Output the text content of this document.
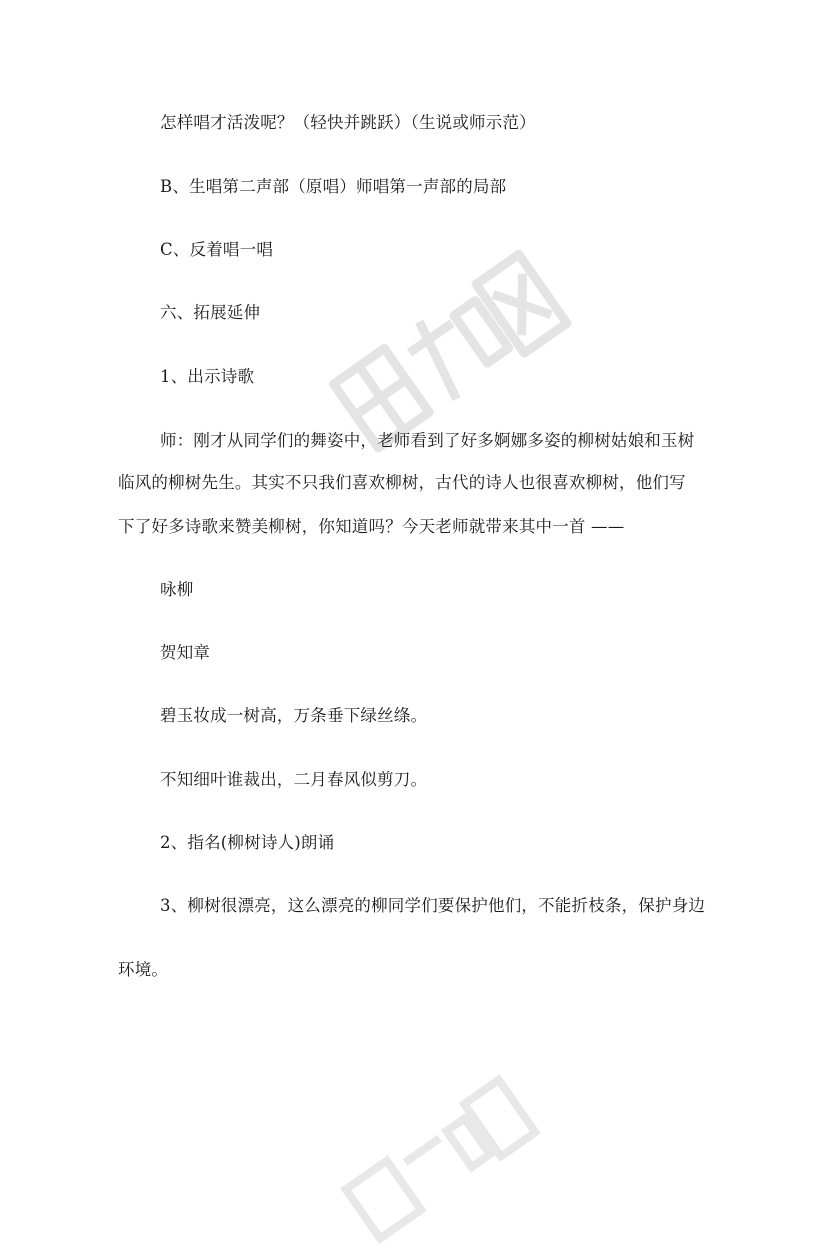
怎样唱才活泼呢？（轻快并跳跃）（生说或师示范）
B、生唱第二声部（原唱）师唱第一声部的局部
C、反着唱一唱
六、拓展延伸
1、出示诗歌
师：刚才从同学们的舞姿中，老师看到了好多婀娜多姿的柳树姑娘和玉树
临风的柳树先生。其实不只我们喜欢柳树，古代的诗人也很喜欢柳树，他们写
下了好多诗歌来赞美柳树，你知道吗？今天老师就带来其中一首 ——
咏柳
贺知章
碧玉妆成一树高，万条垂下绿丝绦。
不知细叶谁裁出，二月春风似剪刀。
2、指名(柳树诗人)朗诵
3、柳树很漂亮，这么漂亮的柳同学们要保护他们，不能折枝条，保护身边
环境。
